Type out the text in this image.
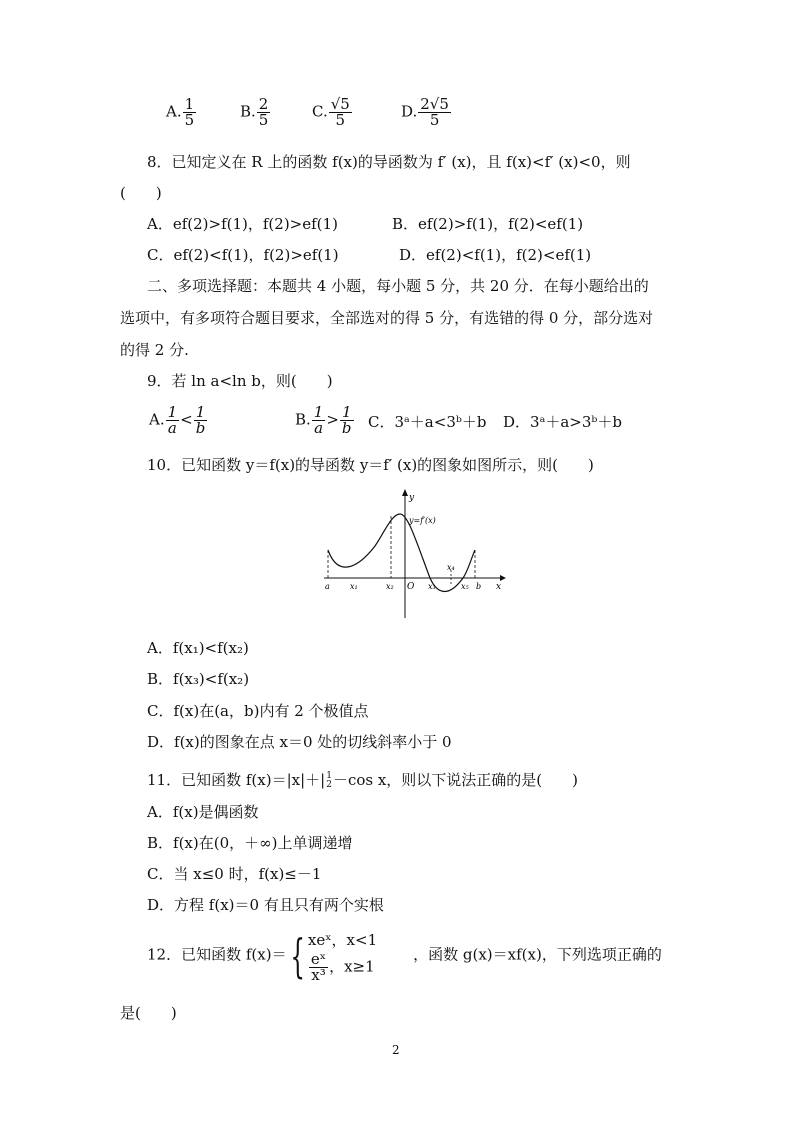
A. $\frac{1}{5}$	B. $\frac{2}{5}$	C. $\frac{√5}{5}$	D. $\frac{2√5}{5}$
8．已知定义在 R 上的函数 f(x)的导函数为 f′ (x)，且 f(x)<f′ (x)<0，则
(　　)
A．ef(2)>f(1)，f(2)>ef(1)	B．ef(2)>f(1)，f(2)<ef(1)
C．ef(2)<f(1)，f(2)>ef(1)	D．ef(2)<f(1)，f(2)<ef(1)
二、多项选择题：本题共 4 小题，每小题 5 分，共 20 分．在每小题给出的
选项中，有多项符合题目要求，全部选对的得 5 分，有选错的得 0 分，部分选对
的得 2 分.
9．若 ln a<ln b，则(　　)
A. $\frac{1}{a} < \frac{1}{b}$	B. $\frac{1}{a} > \frac{1}{b}$ C．3ᵃ＋a<3ᵇ＋b D．3ᵃ＋a>3ᵇ＋b
10．已知函数 y＝f(x)的导函数 y＝f′ (x)的图象如图所示，则(　　)
y
y=f′(x)
x
O
a	x₁	x₂	x₃
x₄
x₅ b
A．f(x₁)<f(x₂)
B．f(x₃)<f(x₂)
C．f(x)在(a，b)内有 2 个极值点
D．f(x)的图象在点 x＝0 处的切线斜率小于 0
11．已知函数 f(x)＝|x|＋| 1
2 －cos x，则以下说法正确的是(　　)
A．f(x)是偶函数
B．f(x)在(0，＋∞)上单调递增
C．当 x≤0 时，f(x)≤－1
D．方程 f(x)＝0 有且只有两个实根
12．已知函数 f(x)＝{ xeˣ，x<1
$\frac{\text{eˣ}}{\text{x³}}$ ，x≥1
，函数 g(x)＝xf(x)，下列选项正确的
是(　　)
2
